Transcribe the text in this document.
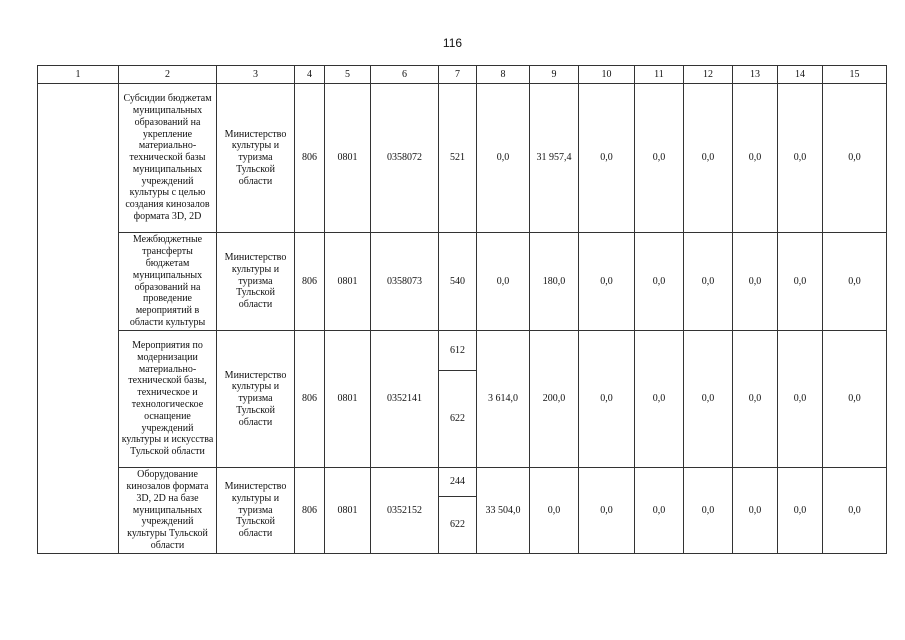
116
1	2	3	4	5	6	7	8	9	10	11	12	13	14	15
	Субсидии бюджетам муниципальных образований на укрепление материально-технической базы муниципальных учреждений культуры с целью создания кинозалов формата 3D, 2D	Министерство культуры и туризма Тульской области	806	0801	0358072	521	0,0	31 957,4	0,0	0,0	0,0	0,0	0,0	0,0
	Межбюджетные трансферты бюджетам муниципальных образований на проведение мероприятий в области культуры	Министерство культуры и туризма Тульской области	806	0801	0358073	540	0,0	180,0	0,0	0,0	0,0	0,0	0,0	0,0
	Мероприятия по модернизации материально-технической базы, техническое и технологическое оснащение учреждений культуры и искусства Тульской области	Министерство культуры и туризма Тульской области	806	0801	0352141	612	3 614,0	200,0	0,0	0,0	0,0	0,0	0,0	0,0
						622								
	Оборудование кинозалов формата 3D, 2D на базе муниципальных учреждений культуры Тульской области	Министерство культуры и туризма Тульской области	806	0801	0352152	244	33 504,0	0,0	0,0	0,0	0,0	0,0	0,0	0,0
						622								
